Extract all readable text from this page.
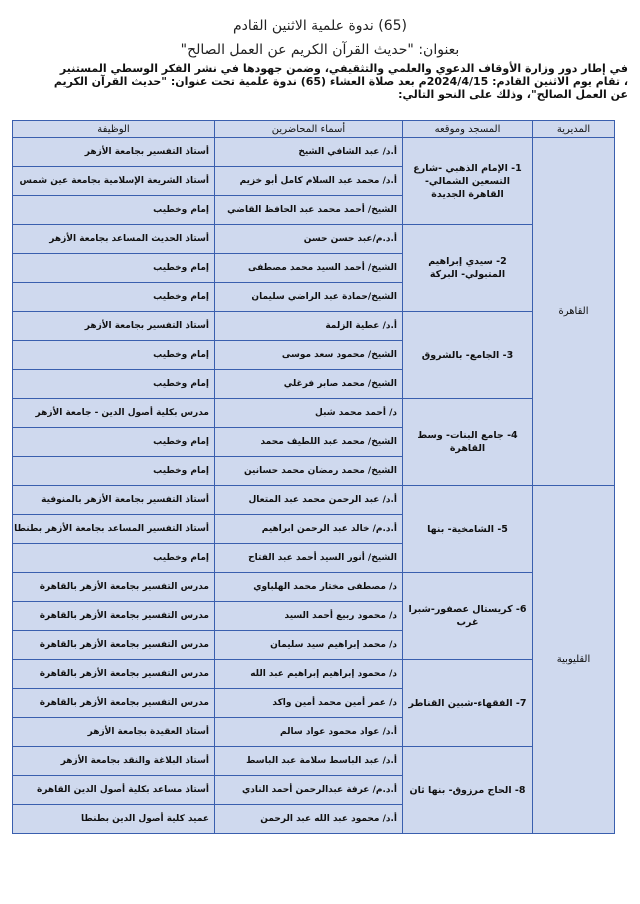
(65) ندوة علمية الاثنين القادم
بعنوان: "حديث القرآن الكريم عن العمل الصالح"
في إطار دور وزارة الأوقاف الدعوي والعلمي والتثقيفي، وضمن جهودها في نشر الفكر الوسطي المستنير
، تقام يوم الاثنين القادم: 2024/4/15م بعد صلاة العشاء (65) ندوة علمية تحت عنوان: "حديث القرآن الكريم
عن العمل الصالح"، وذلك على النحو التالي:
المديرية	المسجد وموقعه	أسماء المحاضرين	الوظيفة
القاهرة	1- الإمام الذهبي -شارع التسعين الشمالي- القاهرة الجديدة	أ.د/ عبد الشافي الشيخ	أستاذ التفسير بجامعة الأزهر
		أ.د/ محمد عبد السلام كامل أبو خزيم	أستاذ الشريعة الإسلامية بجامعة عين شمس
		الشيخ/ أحمد محمد عبد الحافظ القاضي	إمام وخطيب
	2- سيدي إبراهيم المتبولي- البركة	أ.د.م/عبد حسن حسن	أستاذ الحديث المساعد بجامعة الأزهر
		الشيخ/ أحمد السيد محمد مصطفى	إمام وخطيب
		الشيخ/حمادة عبد الراضي سليمان	إمام وخطيب
	3- الجامع- بالشروق	أ.د/ عطية الزلمة	أستاذ التفسير بجامعة الأزهر
		الشيخ/ محمود سعد موسى	إمام وخطيب
		الشيخ/ محمد صابر فرغلي	إمام وخطيب
	4- جامع البنات- وسط القاهرة	د/ أحمد محمد شبل	مدرس بكلية أصول الدين - جامعة الأزهر
		الشيخ/ محمد عبد اللطيف محمد	إمام وخطيب
		الشيخ/ محمد رمضان محمد حسانين	إمام وخطيب
القليوبية	5- الشامخية- بنها	أ.د/ عبد الرحمن محمد عبد المتعال	أستاذ التفسير بجامعة الأزهر بالمنوفية
		أ.د.م/ خالد عبد الرحمن ابراهيم	أستاذ التفسير المساعد بجامعة الأزهر بطنطا
		الشيخ/ أنور السيد أحمد عبد الفتاح	إمام وخطيب
	6- كريستال عصفور-شبرا غرب	د/ مصطفى مختار محمد الهلباوي	مدرس التفسير بجامعة الأزهر بالقاهرة
		د/ محمود ربيع أحمد السيد	مدرس التفسير بجامعة الأزهر بالقاهرة
		د/ محمد إبراهيم سيد سليمان	مدرس التفسير بجامعة الأزهر بالقاهرة
	7- الفقهاء-شبين القناطر	د/ محمود إبراهيم إبراهيم عبد الله	مدرس التفسير بجامعة الأزهر بالقاهرة
		د/ عمر أمين محمد أمين واكد	مدرس التفسير بجامعة الأزهر بالقاهرة
		أ.د/ عواد محمود عواد سالم	أستاذ العقيدة بجامعة الأزهر
	8- الحاج مرزوق- بنها ثان	أ.د/ عبد الباسط سلامة عبد الباسط	أستاذ البلاغة والنقد بجامعة الأزهر
		أ.د.م/ عرفة عبدالرحمن أحمد النادي	أستاذ مساعد بكلية أصول الدين القاهرة
		أ.د/ محمود عبد الله عبد الرحمن	عميد كلية أصول الدين بطنطا
